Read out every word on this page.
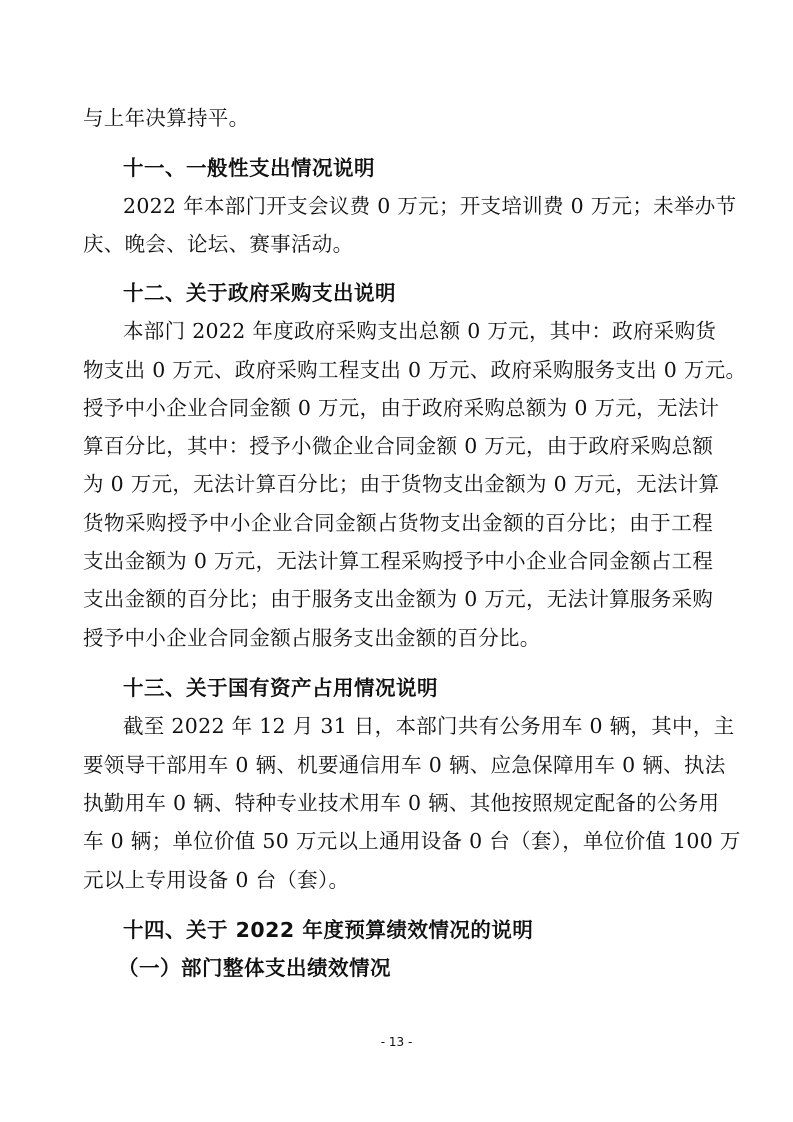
与上年决算持平。
十一、一般性支出情况说明
2022 年本部门开支会议费 0 万元；开支培训费 0 万元；未举办节
庆、晚会、论坛、赛事活动。
十二、关于政府采购支出说明
本部门 2022 年度政府采购支出总额 0 万元，其中：政府采购货
物支出 0 万元、政府采购工程支出 0 万元、政府采购服务支出 0 万元。
授予中小企业合同金额 0 万元，由于政府采购总额为 0 万元，无法计
算百分比，其中：授予小微企业合同金额 0 万元，由于政府采购总额
为 0 万元，无法计算百分比；由于货物支出金额为 0 万元，无法计算
货物采购授予中小企业合同金额占货物支出金额的百分比；由于工程
支出金额为 0 万元，无法计算工程采购授予中小企业合同金额占工程
支出金额的百分比；由于服务支出金额为 0 万元，无法计算服务采购
授予中小企业合同金额占服务支出金额的百分比。
十三、关于国有资产占用情况说明
截至 2022 年 12 月 31 日，本部门共有公务用车 0 辆，其中，主
要领导干部用车 0 辆、机要通信用车 0 辆、应急保障用车 0 辆、执法
执勤用车 0 辆、特种专业技术用车 0 辆、其他按照规定配备的公务用
车 0 辆；单位价值 50 万元以上通用设备 0 台（套），单位价值 100 万
元以上专用设备 0 台（套）。
十四、关于 2022 年度预算绩效情况的说明
（一）部门整体支出绩效情况
- 13 -
